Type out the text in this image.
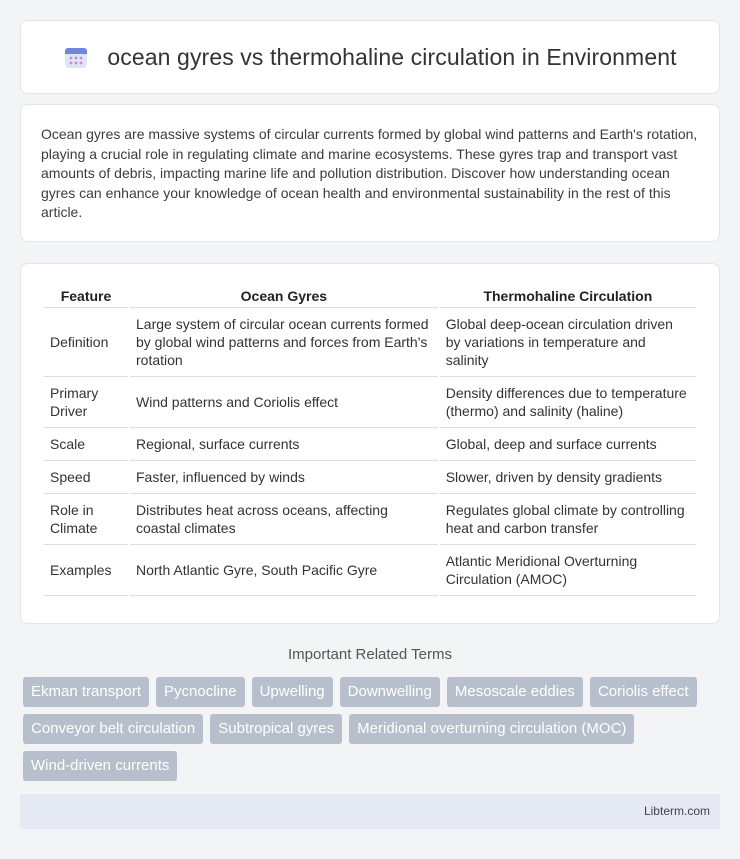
ocean gyres vs thermohaline circulation in Environment

Ocean gyres are massive systems of circular currents formed by global wind patterns and Earth's rotation, playing a crucial role in regulating climate and marine ecosystems. These gyres trap and transport vast amounts of debris, impacting marine life and pollution distribution. Discover how understanding ocean gyres can enhance your knowledge of ocean health and environmental sustainability in the rest of this article.

Feature	Ocean Gyres	Thermohaline Circulation
Definition	Large system of circular ocean currents formed by global wind patterns and forces from Earth's rotation	Global deep-ocean circulation driven by variations in temperature and salinity
Primary Driver	Wind patterns and Coriolis effect	Density differences due to temperature (thermo) and salinity (haline)
Scale	Regional, surface currents	Global, deep and surface currents
Speed	Faster, influenced by winds	Slower, driven by density gradients
Role in Climate	Distributes heat across oceans, affecting coastal climates	Regulates global climate by controlling heat and carbon transfer
Examples	North Atlantic Gyre, South Pacific Gyre	Atlantic Meridional Overturning Circulation (AMOC)
Important Related Terms
Ekman transport	Pycnocline	Upwelling	Downwelling	Mesoscale eddies	Coriolis effect
Conveyor belt circulation	Subtropical gyres	Meridional overturning circulation (MOC)
Wind-driven currents
Libterm.com
